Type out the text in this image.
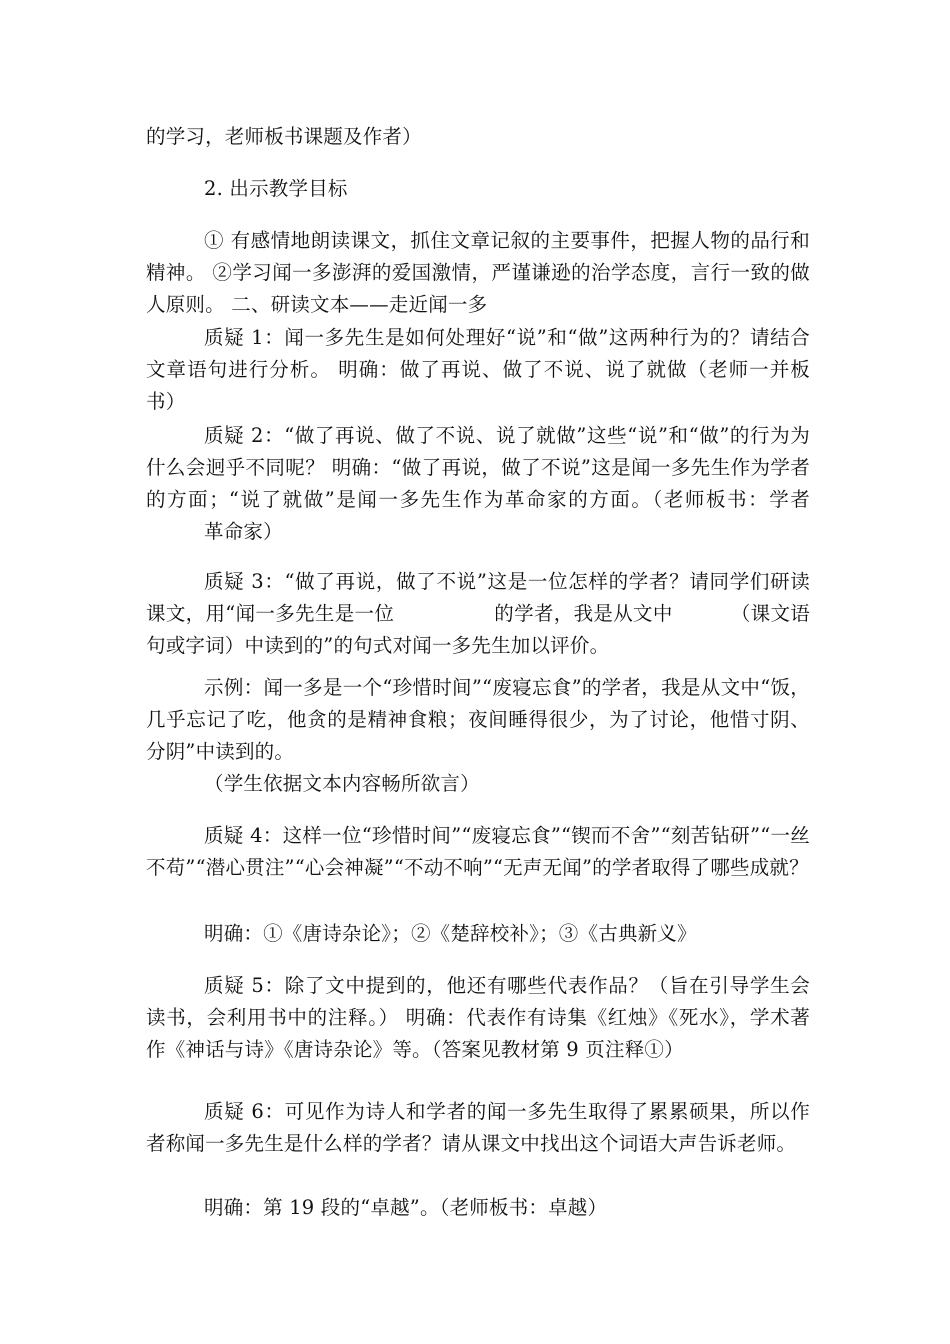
的学习，老师板书课题及作者）

2. 出示教学目标

① 有感情地朗读课文，抓住文章记叙的主要事件，把握人物的品行和精神。 ②学习闻一多澎湃的爱国激情，严谨谦逊的治学态度，言行一致的做人原则。 二、研读文本——走近闻一多

质疑 1：闻一多先生是如何处理好“说”和“做”这两种行为的？请结合文章语句进行分析。 明确：做了再说、做了不说、说了就做（老师一并板书）

质疑 2：“做了再说、做了不说、说了就做”这些“说”和“做”的行为为什么会迥乎不同呢？ 明确：“做了再说，做了不说”这是闻一多先生作为学者的方面；“说了就做”是闻一多先生作为革命家的方面。（老师板书：学者革命家）

质疑 3：“做了再说，做了不说”这是一位怎样的学者？请同学们研读课文，用“闻一多先生是一位	的学者，我是从文中	（课文语句或字词）中读到的”的句式对闻一多先生加以评价。

示例：闻一多是一个“珍惜时间”“废寝忘食”的学者，我是从文中“饭，几乎忘记了吃，他贪的是精神食粮；夜间睡得很少，为了讨论，他惜寸阴、分阴”中读到的。

（学生依据文本内容畅所欲言）

质疑 4：这样一位“珍惜时间”“废寝忘食”“锲而不舍”“刻苦钻研”“一丝不苟”“潜心贯注”“心会神凝”“不动不响”“无声无闻”的学者取得了哪些成就？

明确：①《唐诗杂论》；②《楚辞校补》；③《古典新义》

质疑 5：除了文中提到的，他还有哪些代表作品？（旨在引导学生会读书，会利用书中的注释。） 明确：代表作有诗集《红烛》《死水》，学术著作《神话与诗》《唐诗杂论》等。（答案见教材第 9 页注释①）

质疑 6：可见作为诗人和学者的闻一多先生取得了累累硕果，所以作者称闻一多先生是什么样的学者？请从课文中找出这个词语大声告诉老师。

明确：第 19 段的“卓越”。（老师板书：卓越）
